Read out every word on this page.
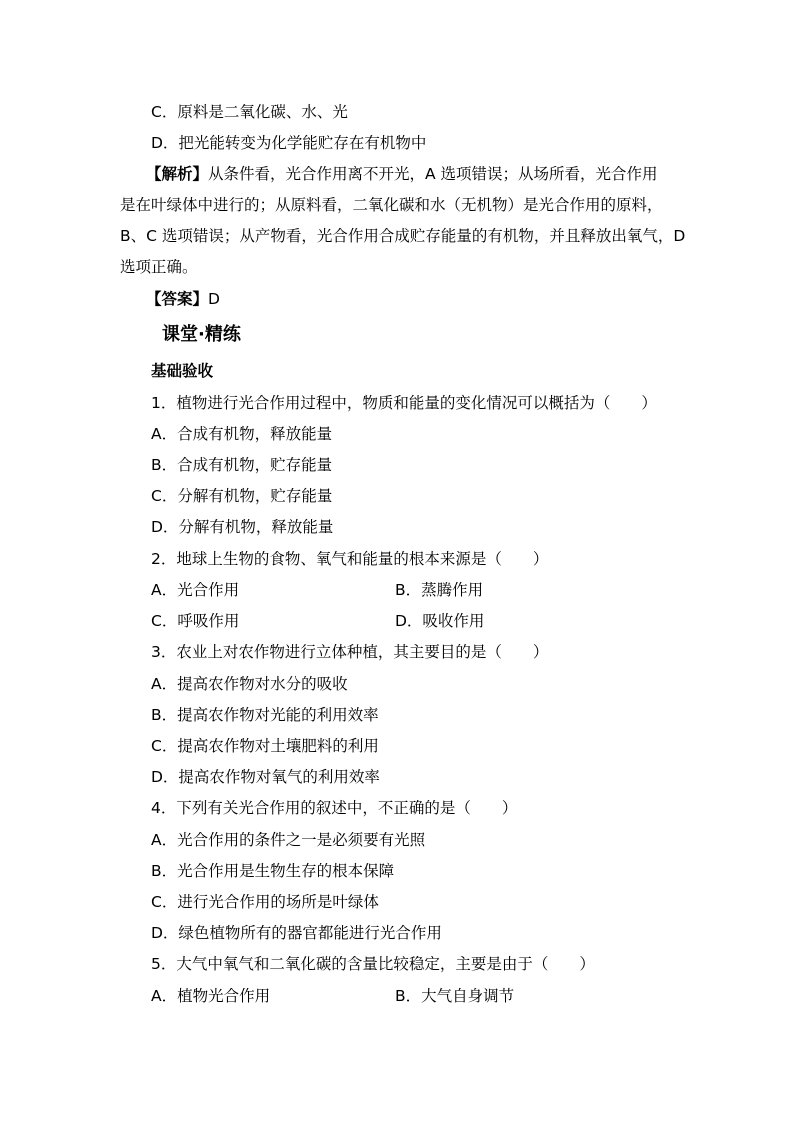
C．原料是二氧化碳、水、光
D．把光能转变为化学能贮存在有机物中
【解析】从条件看，光合作用离不开光，A 选项错误；从场所看，光合作用
是在叶绿体中进行的；从原料看，二氧化碳和水（无机物）是光合作用的原料，
B、C 选项错误；从产物看，光合作用合成贮存能量的有机物，并且释放出氧气，D
选项正确。
【答案】D
课堂·精练
基础验收
1．植物进行光合作用过程中，物质和能量的变化情况可以概括为（　　）
A．合成有机物，释放能量
B．合成有机物，贮存能量
C．分解有机物，贮存能量
D．分解有机物，释放能量
2．地球上生物的食物、氧气和能量的根本来源是（　　）
A．光合作用	B．蒸腾作用
C．呼吸作用	D．吸收作用
3．农业上对农作物进行立体种植，其主要目的是（　　）
A．提高农作物对水分的吸收
B．提高农作物对光能的利用效率
C．提高农作物对土壤肥料的利用
D．提高农作物对氧气的利用效率
4．下列有关光合作用的叙述中，不正确的是（　　）
A．光合作用的条件之一是必须要有光照
B．光合作用是生物生存的根本保障
C．进行光合作用的场所是叶绿体
D．绿色植物所有的器官都能进行光合作用
5．大气中氧气和二氧化碳的含量比较稳定，主要是由于（　　）
A．植物光合作用	B．大气自身调节
